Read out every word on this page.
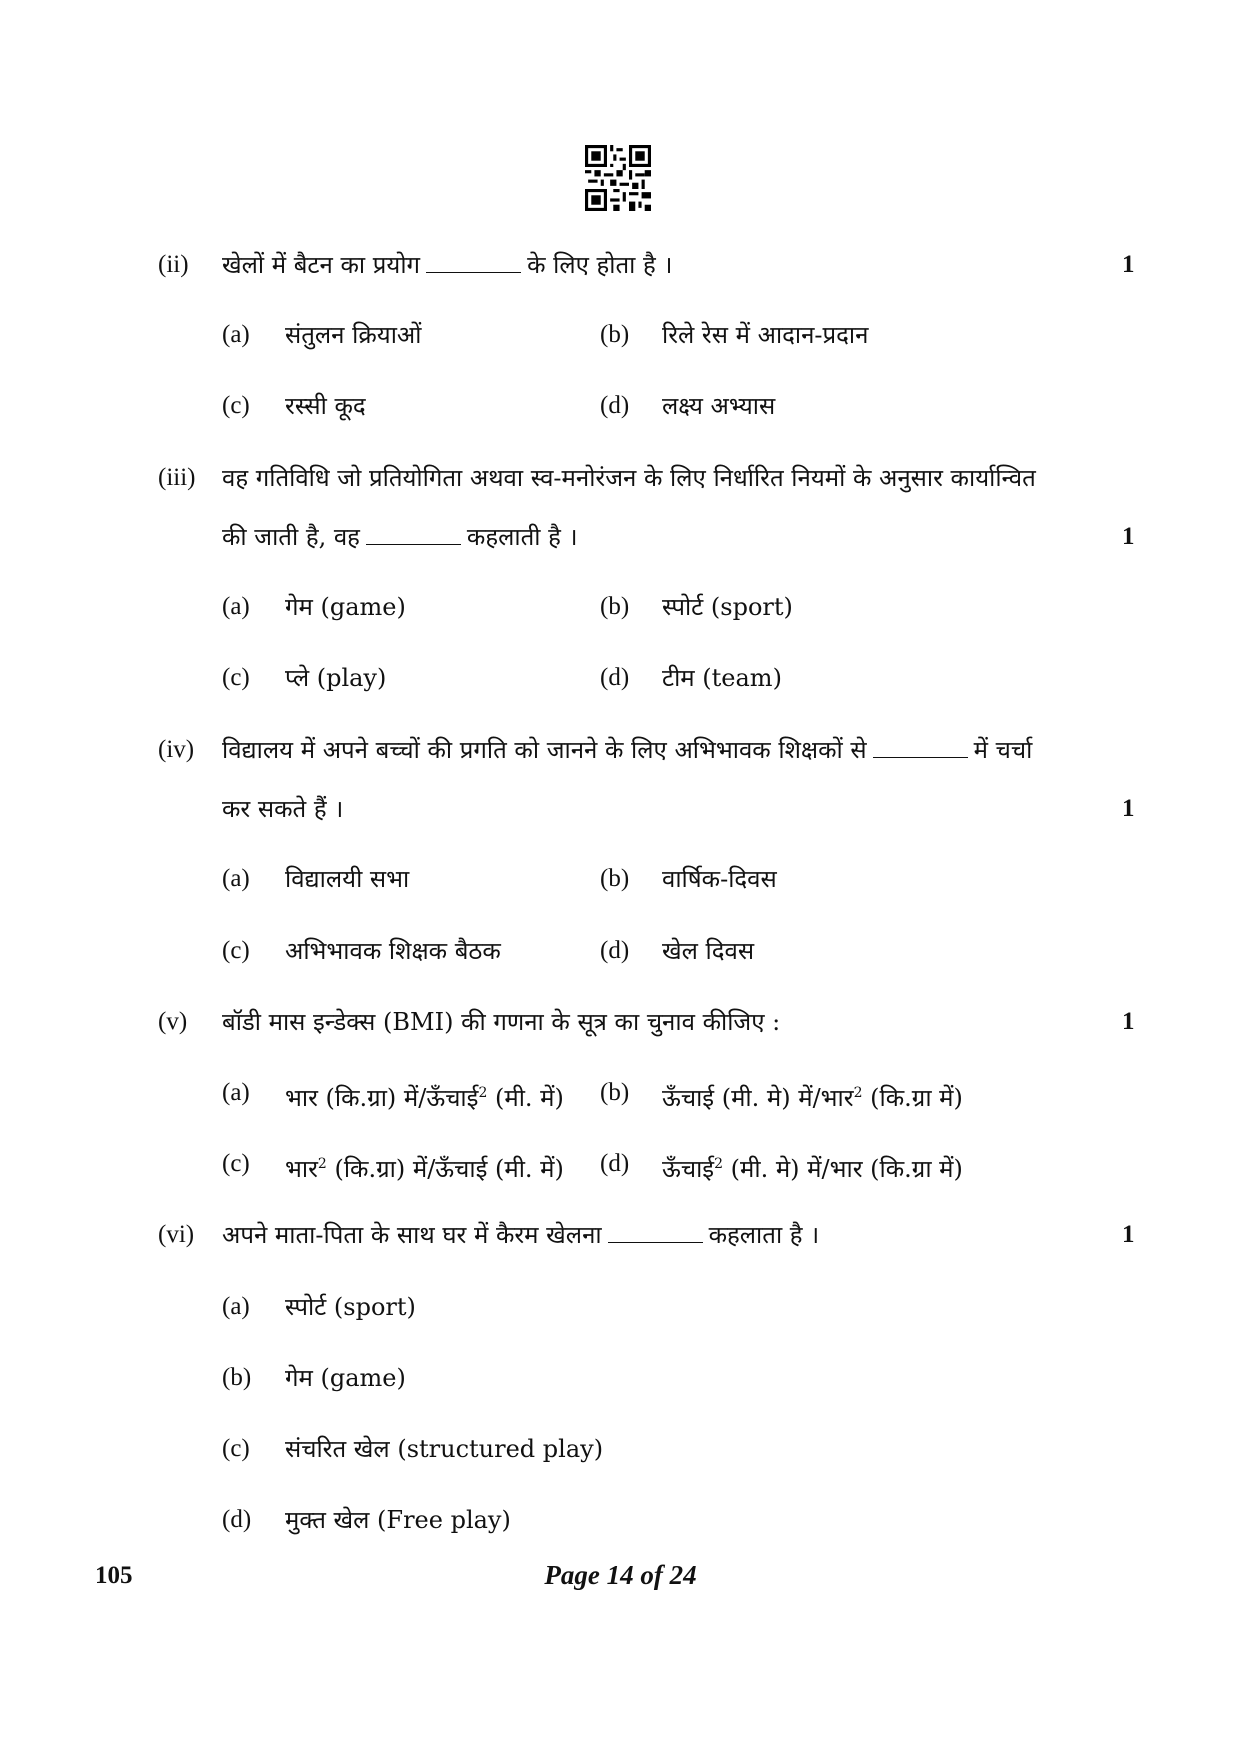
(ii) खेलों में बैटन का प्रयोग	के लिए होता है ।	1
(a) संतुलन क्रियाओं	(b) रिले रेस में आदान-प्रदान
(c) रस्सी कूद	(d) लक्ष्य अभ्यास
(iii) वह गतिविधि जो प्रतियोगिता अथवा स्व-मनोरंजन के लिए निर्धारित नियमों के अनुसार कार्यान्वित
की जाती है, वह	कहलाती है ।	1
(a) गेम (game)	(b) स्पोर्ट (sport)
(c) प्ले (play)	(d) टीम (team)
(iv) विद्यालय में अपने बच्चों की प्रगति को जानने के लिए अभिभावक शिक्षकों से	में चर्चा
कर सकते हैं ।	1
(a) विद्यालयी सभा	(b) वार्षिक-दिवस
(c) अभिभावक शिक्षक बैठक	(d) खेल दिवस
(v) बॉडी मास इन्डेक्स (BMI) की गणना के सूत्र का चुनाव कीजिए :	1
(a) भार (कि.ग्रा) में/ऊँचाई$^2$ (मी. में) (b) ऊँचाई (मी. मे) में/भार$^2$ (कि.ग्रा में)
(c) भार$^2$ (कि.ग्रा) में/ऊँचाई (मी. में) (d) ऊँचाई$^2$ (मी. मे) में/भार (कि.ग्रा में)
(vi) अपने माता-पिता के साथ घर में कैरम खेलना	कहलाता है ।	1
(a) स्पोर्ट (sport)
(b) गेम (game)
(c) संचरित खेल (structured play)
(d) मुक्त खेल (Free play)
105	Page 14 of 24
